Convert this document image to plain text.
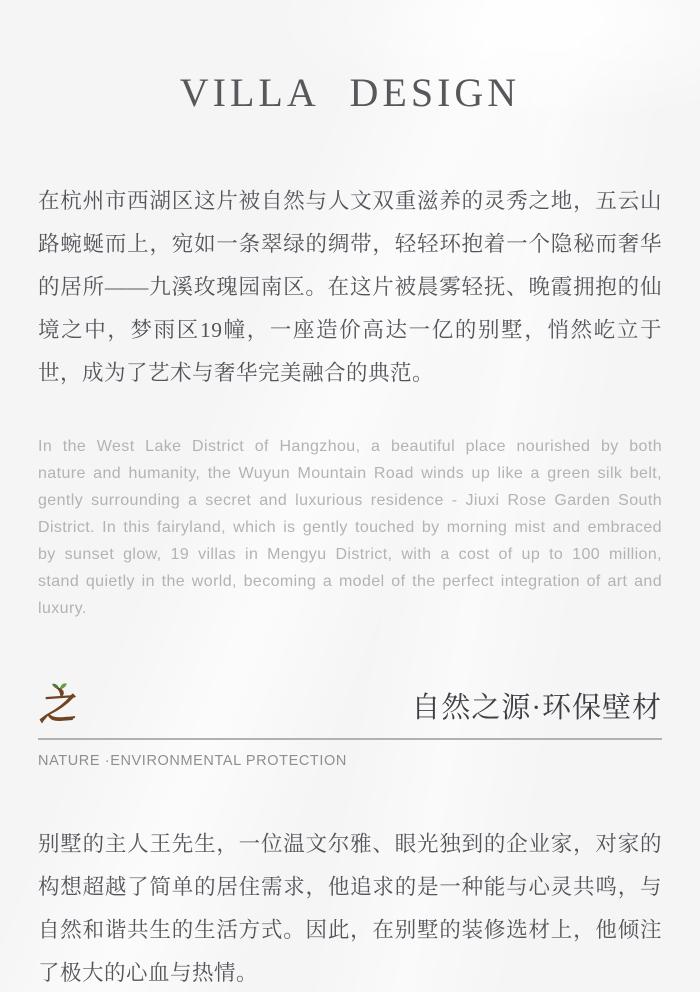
VILLA DESIGN

在杭州市西湖区这片被自然与人文双重滋养的灵秀之地，五云山路蜿蜒而上，宛如一条翠绿的绸带，轻轻环抱着一个隐秘而奢华的居所——九溪玫瑰园南区。在这片被晨雾轻抚、晚霞拥抱的仙境之中，梦雨区19幢，一座造价高达一亿的别墅，悄然屹立于世，成为了艺术与奢华完美融合的典范。

In the West Lake District of Hangzhou, a beautiful place nourished by both nature and humanity, the Wuyun Mountain Road winds up like a green silk belt, gently surrounding a secret and luxurious residence - Jiuxi Rose Garden South District. In this fairyland, which is gently touched by morning mist and embraced by sunset glow, 19 villas in Mengyu District, with a cost of up to 100 million, stand quietly in the world, becoming a model of the perfect integration of art and luxury.

之	自然之源·环保壁材
NATURE ·ENVIRONMENTAL PROTECTION

别墅的主人王先生，一位温文尔雅、眼光独到的企业家，对家的构想超越了简单的居住需求，他追求的是一种能与心灵共鸣，与自然和谐共生的生活方式。因此，在别墅的装修选材上，他倾注了极大的心血与热情。
